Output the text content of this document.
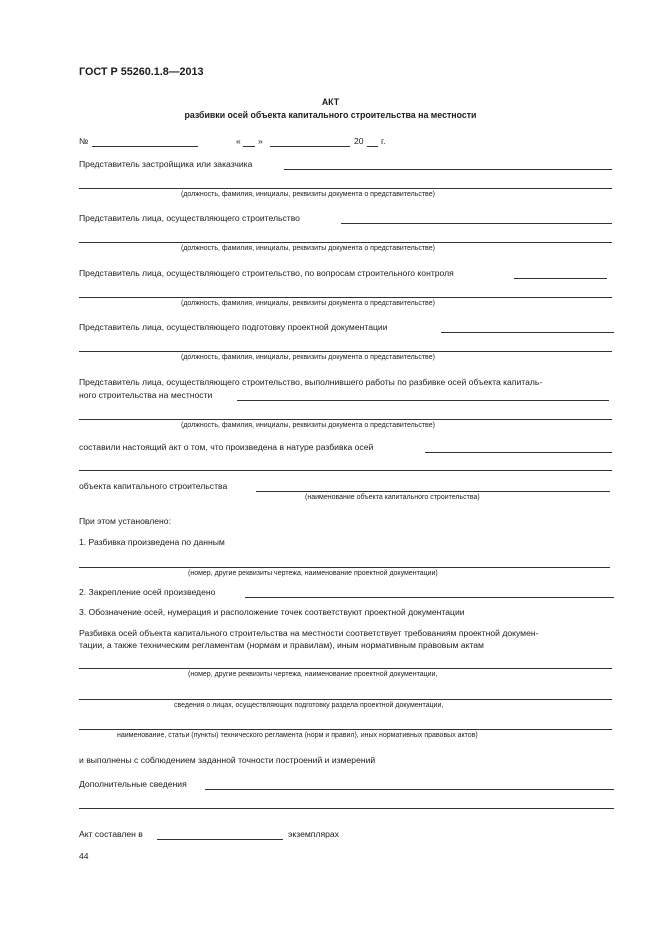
ГОСТ Р 55260.1.8—2013
АКТ
разбивки осей объекта капитального строительства на местности
№	« »	20 г.
Представитель застройщика или заказчика
(должность, фамилия, инициалы, реквизиты документа о представительстве)
Представитель лица, осуществляющего строительство
(должность, фамилия, инициалы, реквизиты документа о представительстве)
Представитель лица, осуществляющего строительство, по вопросам строительного контроля
(должность, фамилия, инициалы, реквизиты документа о представительстве)
Представитель лица, осуществляющего подготовку проектной документации
(должность, фамилия, инициалы, реквизиты документа о представительстве)
Представитель лица, осуществляющего строительство, выполнившего работы по разбивке осей объекта капиталь-
ного строительства на местности
(должность, фамилия, инициалы, реквизиты документа о представительстве)
составили настоящий акт о том, что произведена в натуре разбивка осей
объекта капитального строительства
(наименование объекта капитального строительства)
При этом установлено:
1. Разбивка произведена по данным
(номер, другие реквизиты чертежа, наименование проектной документации)
2. Закрепление осей произведено
3. Обозначение осей, нумерация и расположение точек соответствуют проектной документации
Разбивка осей объекта капитального строительства на местности соответствует требованиям проектной докумен-
тации, а также техническим регламентам (нормам и правилам), иным нормативным правовым актам
(номер, другие реквизиты чертежа, наименование проектной документации,
сведения о лицах, осуществляющих подготовку раздела проектной документации,
наименование, статьи (пункты) технического регламента (норм и правил), иных нормативных правовых актов)
и выполнены с соблюдением заданной точности построений и измерений
Дополнительные сведения
Акт составлен в	экземплярах
44
